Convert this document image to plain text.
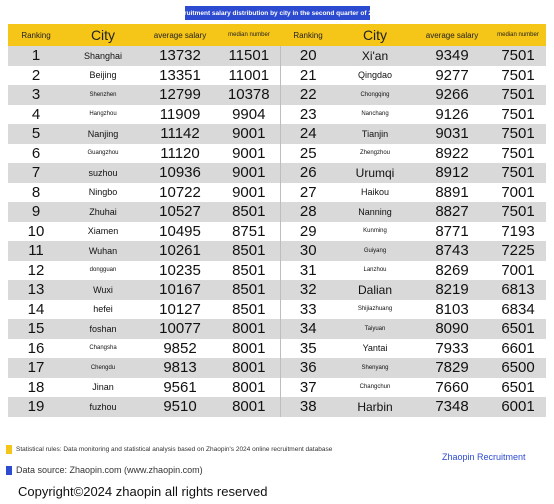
Recruitment salary distribution by city in the second quarter of 2024
Ranking	City	average salary	median number	Ranking	City	average salary	median number
1	Shanghai	13732	11501	20	Xi'an	9349	7501
2	Beijing	13351	11001	21	Qingdao	9277	7501
3	Shenzhen	12799	10378	22	Chongqing	9266	7501
4	Hangzhou	11909	9904	23	Nanchang	9126	7501
5	Nanjing	11142	9001	24	Tianjin	9031	7501
6	Guangzhou	11120	9001	25	Zhengzhou	8922	7501
7	suzhou	10936	9001	26	Urumqi	8912	7501
8	Ningbo	10722	9001	27	Haikou	8891	7001
9	Zhuhai	10527	8501	28	Nanning	8827	7501
10	Xiamen	10495	8751	29	Kunming	8771	7193
11	Wuhan	10261	8501	30	Guiyang	8743	7225
12	dongguan	10235	8501	31	Lanzhou	8269	7001
13	Wuxi	10167	8501	32	Dalian	8219	6813
14	hefei	10127	8501	33	Shijiazhuang	8103	6834
15	foshan	10077	8001	34	Taiyuan	8090	6501
16	Changsha	9852	8001	35	Yantai	7933	6601
17	Chengdu	9813	8001	36	Shenyang	7829	6500
18	Jinan	9561	8001	37	Changchun	7660	6501
19	fuzhou	9510	8001	38	Harbin	7348	6001
Statistical rules: Data monitoring and statistical analysis based on Zhaopin's 2024 online recruitment database
Data source: Zhaopin.com (www.zhaopin.com)
Zhaopin Recruitment
Copyright©2024 zhaopin all rights reserved
